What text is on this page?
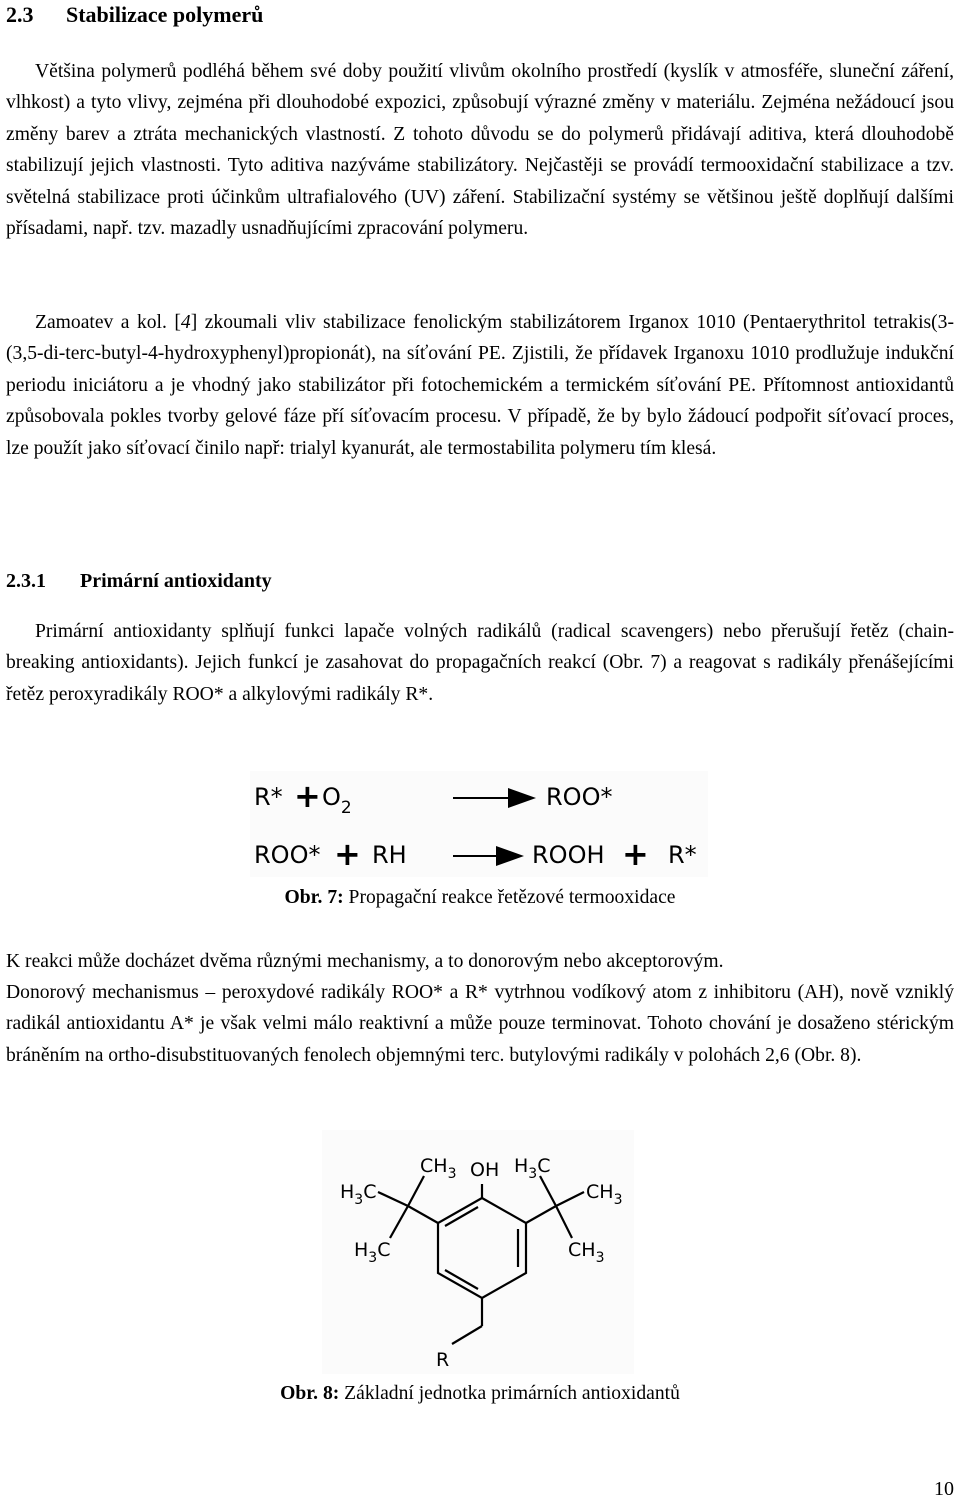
2.3 Stabilizace polymerů

Většina polymerů podléhá během své doby použití vlivům okolního prostředí (kyslík v atmosféře, sluneční záření, vlhkost) a tyto vlivy, zejména při dlouhodobé expozici, způsobují výrazné změny v materiálu. Zejména nežádoucí jsou změny barev a ztráta mechanických vlastností. Z tohoto důvodu se do polymerů přidávají aditiva, která dlouhodobě stabilizují jejich vlastnosti. Tyto aditiva nazýváme stabilizátory. Nejčastěji se provádí termooxidační stabilizace a tzv. světelná stabilizace proti účinkům ultrafialového (UV) záření. Stabilizační systémy se většinou ještě doplňují dalšími přísadami, např. tzv. mazadly usnadňujícími zpracování polymeru.

Zamoatev a kol. [4] zkoumali vliv stabilizace fenolickým stabilizátorem Irganox 1010 (Pentaerythritol tetrakis(3-(3,5-di-terc-butyl-4-hydroxyphenyl)propionát), na síťování PE. Zjistili, že přídavek Irganoxu 1010 prodlužuje indukční periodu iniciátoru a je vhodný jako stabilizátor při fotochemickém a termickém síťování PE. Přítomnost antioxidantů způsobovala pokles tvorby gelové fáze pří síťovacím procesu. V případě, že by bylo žádoucí podpořit síťovací proces, lze použít jako síťovací činilo např: trialyl kyanurát, ale termostabilita polymeru tím klesá.

2.3.1 Primární antioxidanty

Primární antioxidanty splňují funkci lapače volných radikálů (radical scavengers) nebo přerušují řetěz (chain-breaking antioxidants). Jejich funkcí je zasahovat do propagačních reakcí (Obr. 7) a reagovat s radikály přenášejícími řetěz peroxyradikály ROO* a alkylovými radikály R*.

$R* + O_2$	ROO*
ROO* + RH	ROOH + R*

Obr. 7: Propagační reakce řetězové termooxidace

K reakci může docházet dvěma různými mechanismy, a to donorovým nebo akceptorovým.

Donorový mechanismus – peroxydové radikály ROO* a R* vytrhnou vodíkový atom z inhibitoru (AH), nově vzniklý radikál antioxidantu A* je však velmi málo reaktivní a může pouze terminovat. Tohoto chování je dosaženo stérickým bráněním na ortho-disubstituovaných fenolech objemnými terc. butylovými radikály v polohách 2,6 (Obr. 8).

OH
$CH_3$	$H_3C$
$CH_3$
$H_3C$
$H_3C$	$CH_3$
R

Obr. 8: Základní jednotka primárních antioxidantů

10
